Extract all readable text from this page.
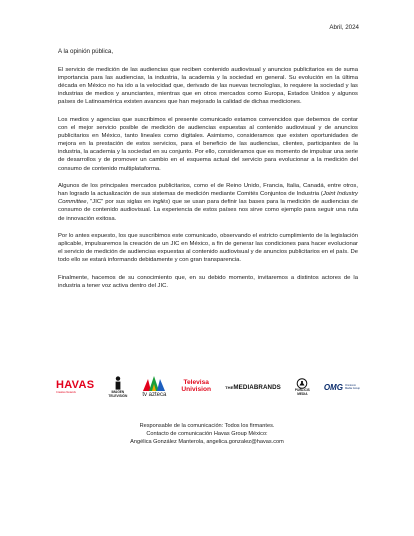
Abril, 2024

A la opinión pública,

El servicio de medición de las audiencias que reciben contenido audiovisual y anuncios publicitarios es de suma importancia para las audiencias, la industria, la academia y la sociedad en general. Su evolución en la última década en México no ha ido a la velocidad que, derivado de las nuevas tecnologías, lo requiere la sociedad y las industrias de medios y anunciantes, mientras que en otros mercados como Europa, Estados Unidos y algunos países de Latinoamérica existen avances que han mejorado la calidad de dichas mediciones.

Los medios y agencias que suscribimos el presente comunicado estamos convencidos que debemos de contar con el mejor servicio posible de medición de audiencias expuestas al contenido audiovisual y de anuncios publicitarios en México, tanto lineales como digitales. Asimismo, consideramos que existen oportunidades de mejora en la prestación de estos servicios, para el beneficio de las audiencias, clientes, participantes de la industria, la academia y la sociedad en su conjunto. Por ello, consideramos que es momento de impulsar una serie de desarrollos y de promover un cambio en el esquema actual del servicio para evolucionar a la medición del consumo de contenido multiplataforma.

Algunos de los principales mercados publicitarios, como el de Reino Unido, Francia, Italia, Canadá, entre otros, han logrado la actualización de sus sistemas de medición mediante Comités Conjuntos de Industria (Joint Industry Committee, "JIC" por sus siglas en inglés) que se usan para definir las bases para la medición de audiencias de consumo de contenido audiovisual. La experiencia de estos países nos sirve como ejemplo para seguir una ruta de innovación exitosa.

Por lo antes expuesto, los que suscribimos este comunicado, observando el estricto cumplimiento de la legislación aplicable, impulsaremos la creación de un JIC en México, a fin de generar las condiciones para hacer evolucionar el servicio de medición de audiencias expuestas al contenido audiovisual y de anuncios publicitarios en el país. De todo ello se estará informando debidamente y con gran transparencia.

Finalmente, hacemos de su conocimiento que, en su debido momento, invitaremos a distintos actores de la industria a tener voz activa dentro del JIC.

HAVAS
Creative Network	IMAGEN
TELEVISIÓN	tv azteca
Televisa
Univision	THE MEDIABRANDS	PUBLICIS
MEDIA
OMG Omnicom
Media Group
Responsable de la comunicación: Todos los firmantes.
Contacto de comunicación Havas Group México:
Angélica González Manterola, angelica.gonzalez@havas.com
